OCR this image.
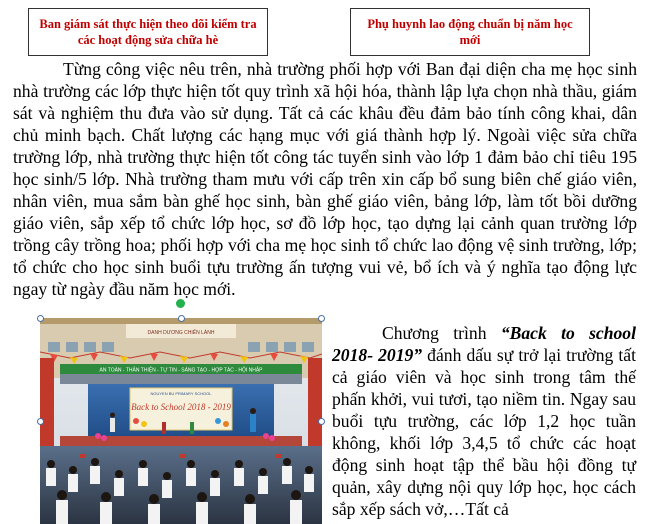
Ban giám sát thực hiện theo dõi kiểm tra các hoạt động sửa chữa hè
Phụ huynh lao động chuẩn bị năm học mới

Từng công việc nêu trên, nhà trường phối hợp với Ban đại diện cha mẹ học sinh nhà trường các lớp thực hiện tốt quy trình xã hội hóa, thành lập lựa chọn nhà thầu, giám sát và nghiệm thu đưa vào sử dụng. Tất cả các khâu đều đảm bảo tính công khai, dân chủ minh bạch. Chất lượng các hạng mục với giá thành hợp lý. Ngoài việc sửa chữa trường lớp, nhà trường thực hiện tốt công tác tuyển sinh vào lớp 1 đảm bảo chỉ tiêu 195 học sinh/5 lớp. Nhà trường tham mưu với cấp trên xin cấp bổ sung biên chế giáo viên, nhân viên, mua sắm bàn ghế học sinh, bàn ghế giáo viên, bảng lớp, làm tốt bồi dưỡng giáo viên, sắp xếp tổ chức lớp học, sơ đồ lớp học, tạo dựng lại cảnh quan trường lớp trồng cây trồng hoa; phối hợp với cha mẹ học sinh tổ chức lao động vệ sinh trường, lớp; tổ chức cho học sinh buổi tựu trường ấn tượng vui vẻ, bổ ích và ý nghĩa tạo động lực ngay từ ngày đầu năm học mới.

DANH DƯƠNG CHIẾN LÀNH
AN TOÀN - THÂN THIỆN - TỰ TIN - SÁNG TẠO - HỢP TÁC - HỘI NHẬP
NGUYEN BU PRIMARY SCHOOL
Back to School 2018 - 2019

Chương trình “Back to school 2018- 2019” đánh dấu sự trở lại trường tất cả giáo viên và học sinh trong tâm thế phấn khởi, vui tươi, tạo niềm tin. Ngay sau buổi tựu trường, các lớp 1,2 học tuần không, khối lớp 3,4,5 tổ chức các hoạt động sinh hoạt tập thể bầu hội đồng tự quản, xây dựng nội quy lớp học, học cách sắp xếp sách vở,…Tất cả
